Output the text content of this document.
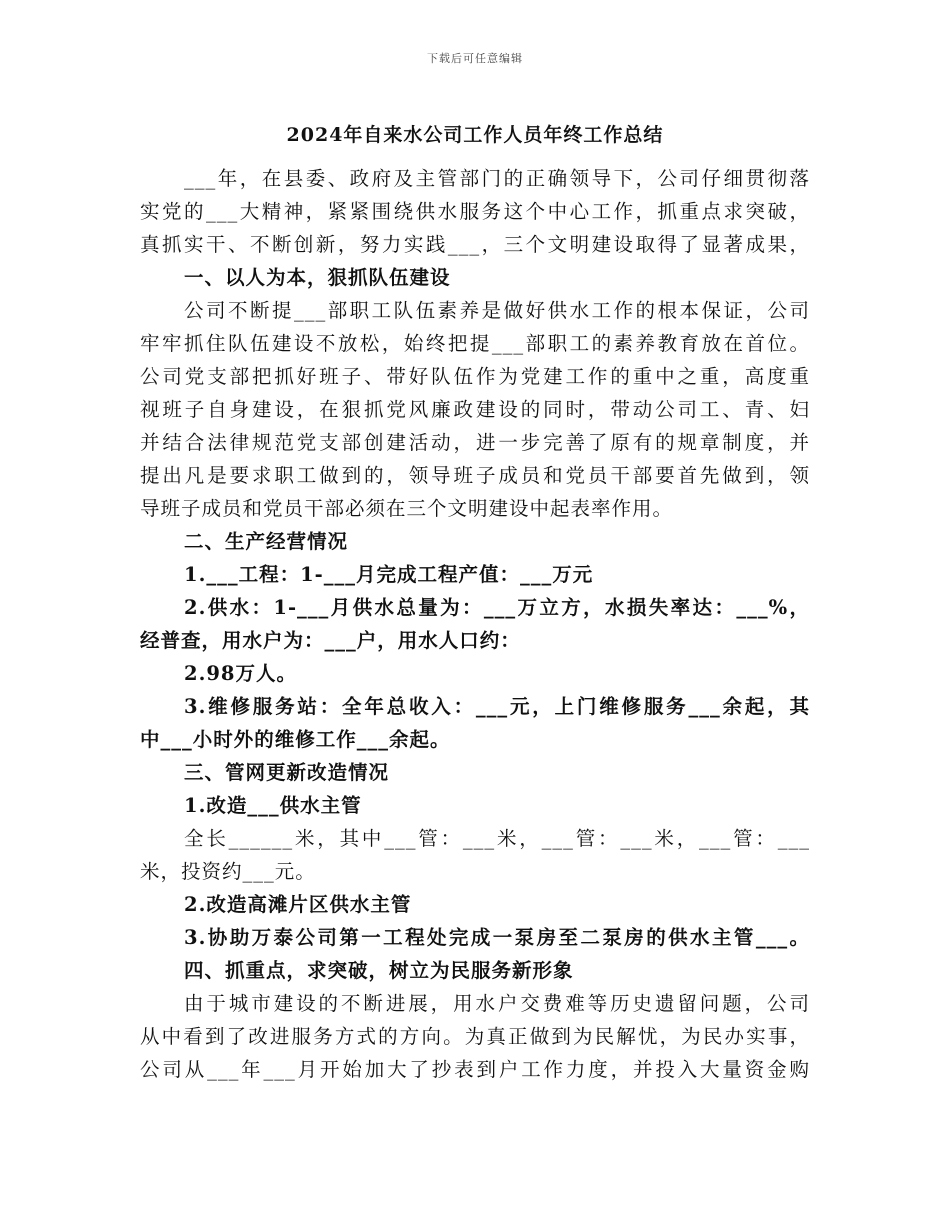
下载后可任意编辑
2024年自来水公司工作人员年终工作总结
___年，在县委、政府及主管部门的正确领导下，公司仔细贯彻落
实党的___大精神，紧紧围绕供水服务这个中心工作，抓重点求突破，
真抓实干、不断创新，努力实践___，三个文明建设取得了显著成果，
一、以人为本，狠抓队伍建设
公司不断提___部职工队伍素养是做好供水工作的根本保证，公司
牢牢抓住队伍建设不放松，始终把提___部职工的素养教育放在首位。
公司党支部把抓好班子、带好队伍作为党建工作的重中之重，高度重
视班子自身建设，在狠抓党风廉政建设的同时，带动公司工、青、妇
并结合法律规范党支部创建活动，进一步完善了原有的规章制度，并
提出凡是要求职工做到的，领导班子成员和党员干部要首先做到，领
导班子成员和党员干部必须在三个文明建设中起表率作用。
二、生产经营情况
1.___工程：1-___月完成工程产值：___万元
2.供水：1-___月供水总量为：___万立方，水损失率达：___%，
经普查，用水户为：___户，用水人口约：
2.98万人。
3.维修服务站：全年总收入：___元，上门维修服务___余起，其
中___小时外的维修工作___余起。
三、管网更新改造情况
1.改造___供水主管
全长______米，其中___管：___米，___管：___米，___管：___
米，投资约___元。
2.改造高滩片区供水主管
3.协助万泰公司第一工程处完成一泵房至二泵房的供水主管___。
四、抓重点，求突破，树立为民服务新形象
由于城市建设的不断进展，用水户交费难等历史遗留问题，公司
从中看到了改进服务方式的方向。为真正做到为民解忧，为民办实事，
公司从___年___月开始加大了抄表到户工作力度，并投入大量资金购
